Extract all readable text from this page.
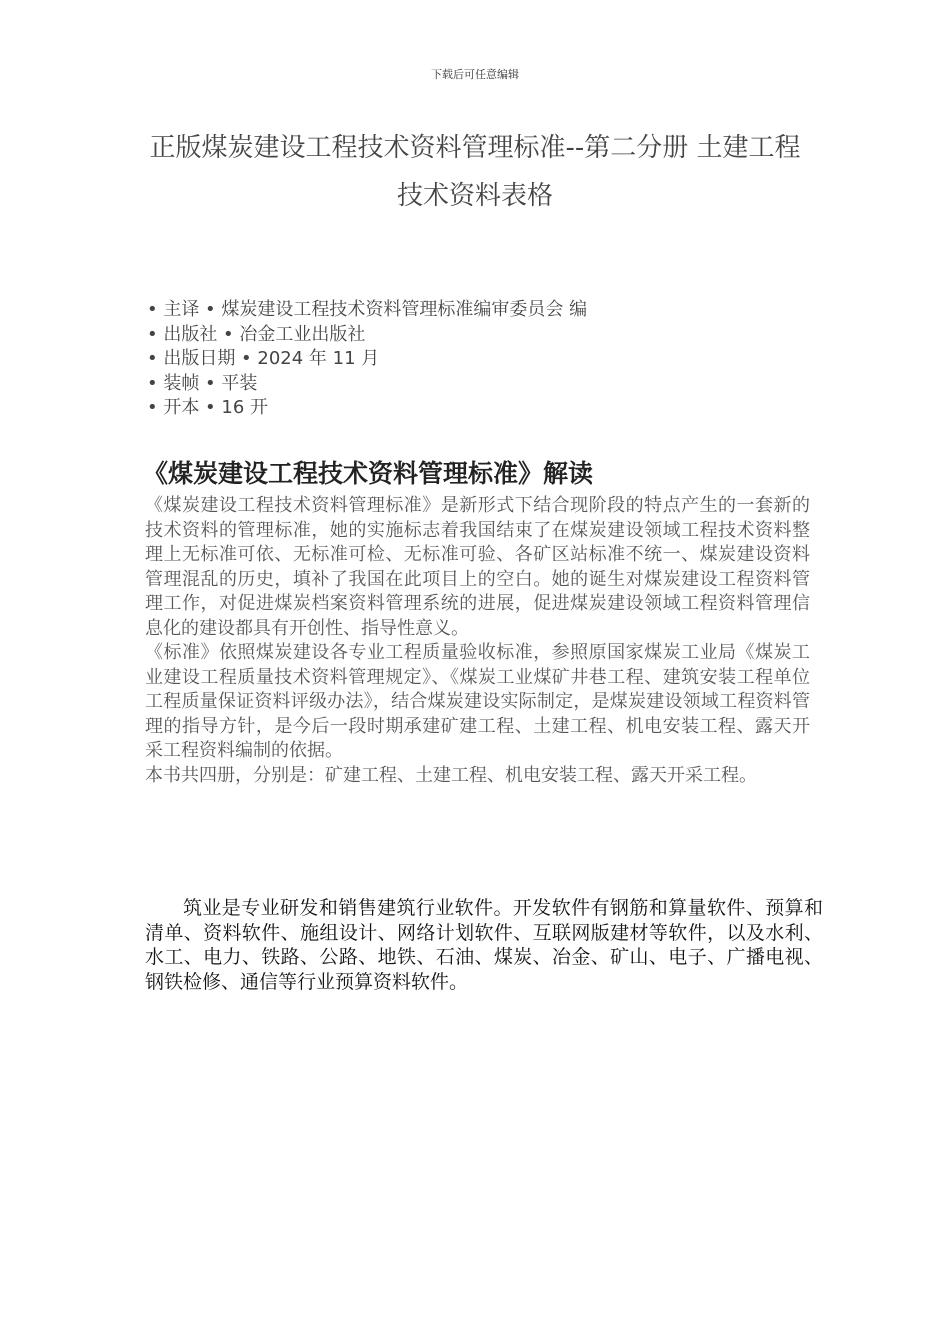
下载后可任意编辑
正版煤炭建设工程技术资料管理标准--第二分册 土建工程技术资料表格
• 主译 • 煤炭建设工程技术资料管理标准编审委员会 编
• 出版社 • 冶金工业出版社
• 出版日期 • 2024 年 11 月
• 装帧 • 平装
• 开本 • 16 开
《煤炭建设工程技术资料管理标准》解读

《煤炭建设工程技术资料管理标准》是新形式下结合现阶段的特点产生的一套新的技术资料的管理标准，她的实施标志着我国结束了在煤炭建设领域工程技术资料整理上无标准可依、无标准可检、无标准可验、各矿区站标准不统一、煤炭建设资料管理混乱的历史，填补了我国在此项目上的空白。她的诞生对煤炭建设工程资料管理工作，对促进煤炭档案资料管理系统的进展，促进煤炭建设领域工程资料管理信息化的建设都具有开创性、指导性意义。

《标准》依照煤炭建设各专业工程质量验收标准，参照原国家煤炭工业局《煤炭工业建设工程质量技术资料管理规定》、《煤炭工业煤矿井巷工程、建筑安装工程单位工程质量保证资料评级办法》，结合煤炭建设实际制定，是煤炭建设领域工程资料管理的指导方针，是今后一段时期承建矿建工程、土建工程、机电安装工程、露天开采工程资料编制的依据。

本书共四册，分别是：矿建工程、土建工程、机电安装工程、露天开采工程。

筑业是专业研发和销售建筑行业软件。开发软件有钢筋和算量软件、预算和清单、资料软件、施组设计、网络计划软件、互联网版建材等软件，以及水利、水工、电力、铁路、公路、地铁、石油、煤炭、冶金、矿山、电子、广播电视、钢铁检修、通信等行业预算资料软件。
